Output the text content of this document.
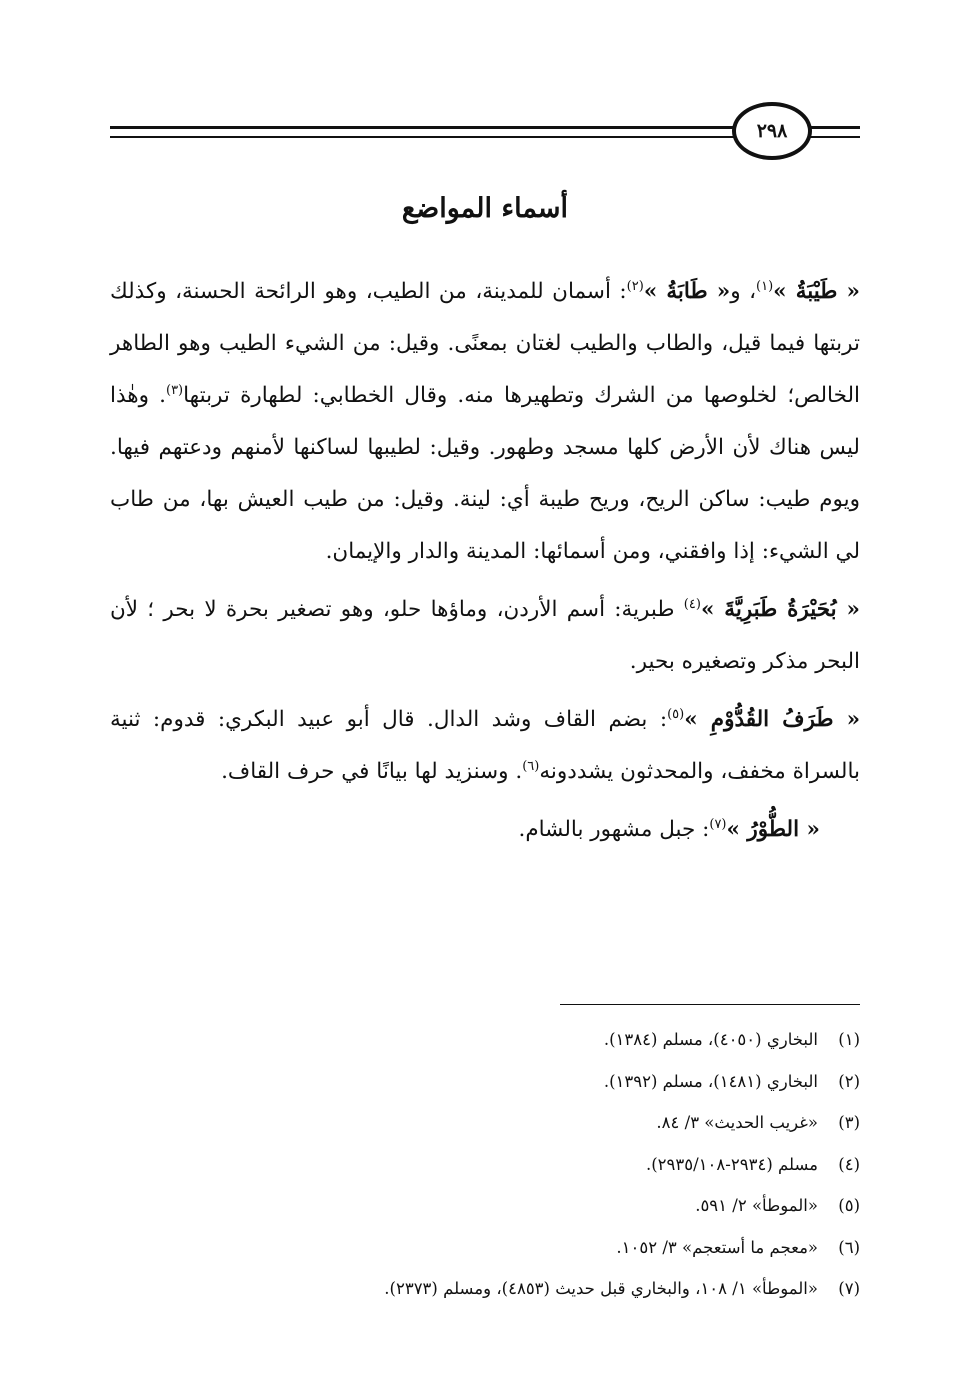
٢٩٨
أسماء المواضع

« طَيْبَةُ »$^{(١)}$، و« طَابَةُ »$^{(٢)}$: أسمان للمدينة، من الطيب، وهو الرائحة الحسنة، وكذلك تربتها فيما قيل، والطاب والطيب لغتان بمعنًى. وقيل: من الشيء الطيب وهو الطاهر الخالص؛ لخلوصها من الشرك وتطهيرها منه. وقال الخطابي: لطهارة تربتها$^{(٣)}$. وهٰذا ليس هناك لأن الأرض كلها مسجد وطهور. وقيل: لطيبها لساكنها لأمنهم ودعتهم فيها. ويوم طيب: ساكن الريح، وريح طيبة أي: لينة. وقيل: من طيب العيش بها، من طاب لي الشيء: إذا وافقني، ومن أسمائها: المدينة والدار والإيمان.

« بُحَيْرَةُ طَبَرِيَّةَ »$^{(٤)}$ طبرية: أسم الأردن، وماؤها حلو، وهو تصغير بحرة لا بحر ؛ لأن البحر مذكر وتصغيره بحير.

« طَرَفُ القُدُّوْمِ »$^{(٥)}$: بضم القاف وشد الدال. قال أبو عبيد البكري: قدوم: ثنية بالسراة مخفف، والمحدثون يشددونه$^{(٦)}$. وسنزيد لها بيانًا في حرف القاف.

« الطُّوْرُ »$^{(٧)}$: جبل مشهور بالشام.

(١)البخاري (٤٠٥٠)، مسلم (١٣٨٤).
(٢)البخاري (١٤٨١)، مسلم (١٣٩٢).
(٣)«غريب الحديث» ٣/ ٨٤.
(٤)مسلم (٢٩٣٤-٢٩٣٥/١٠٨).
(٥)«الموطأ» ٢/ ٥٩١.
(٦)«معجم ما أستعجم» ٣/ ١٠٥٢.
(٧)«الموطأ» ١/ ١٠٨، والبخاري قبل حديث (٤٨٥٣)، ومسلم (٢٣٧٣).
